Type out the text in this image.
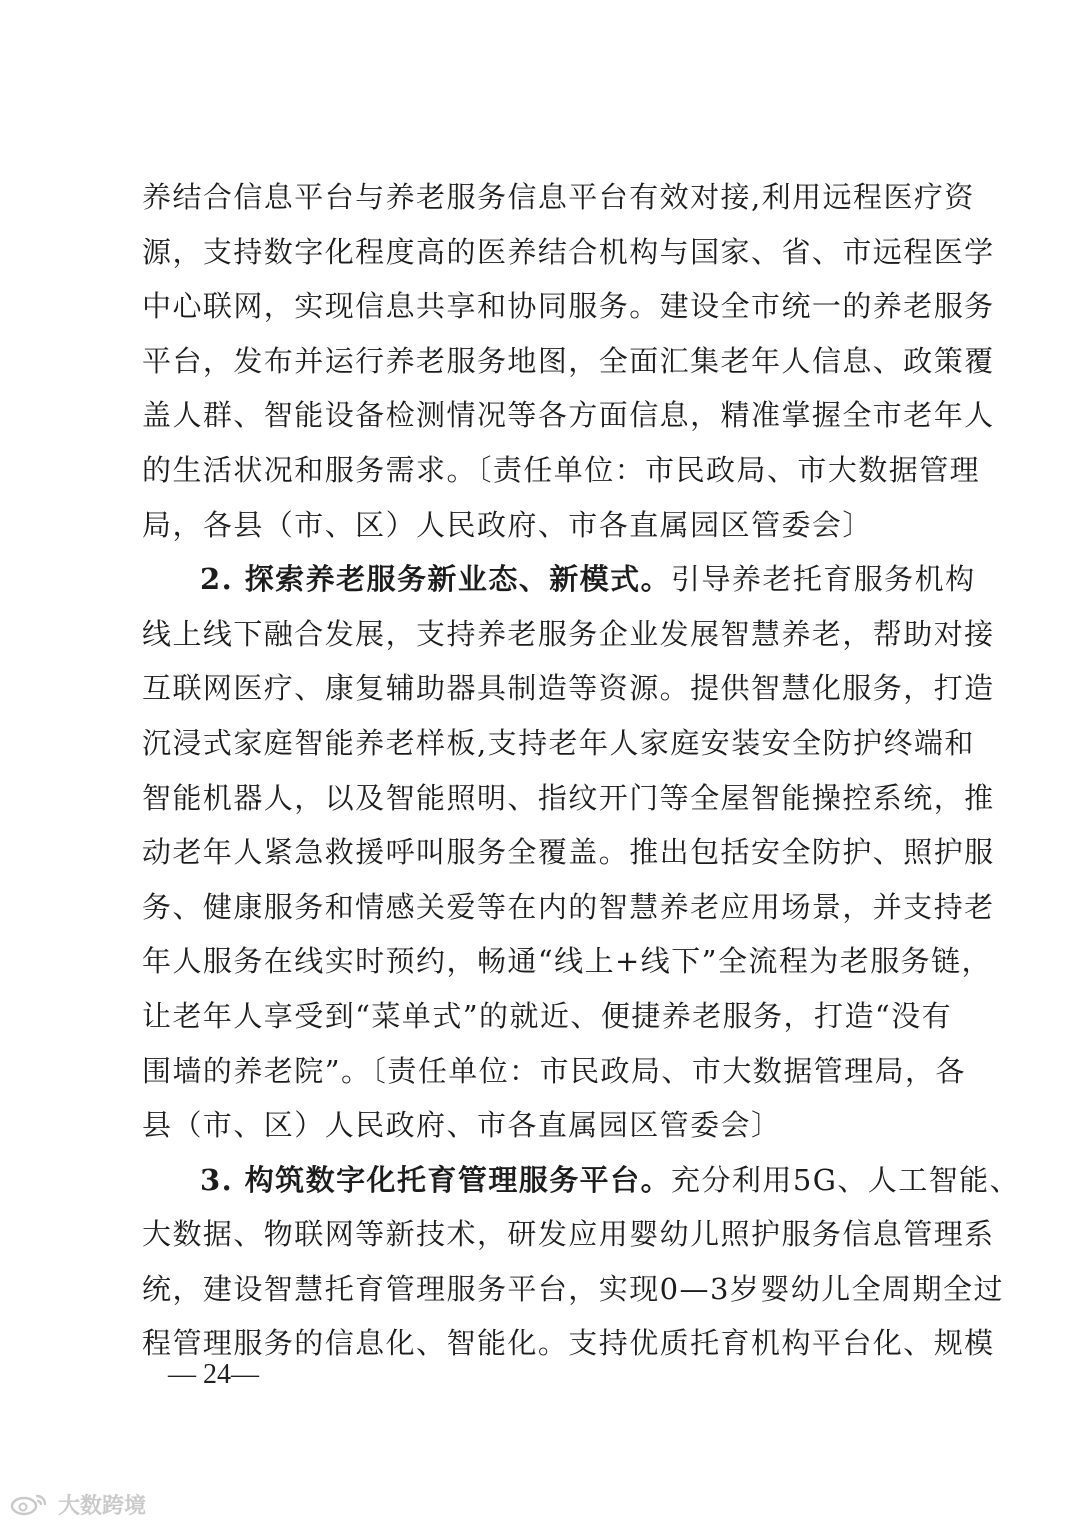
养结合信息平台与养老服务信息平台有效对接,利用远程医疗资
源，支持数字化程度高的医养结合机构与国家、省、市远程医学
中心联网，实现信息共享和协同服务。建设全市统一的养老服务
平台，发布并运行养老服务地图，全面汇集老年人信息、政策覆
盖人群、智能设备检测情况等各方面信息，精准掌握全市老年人
的生活状况和服务需求。〔责任单位：市民政局、市大数据管理
局，各县（市、区）人民政府、市各直属园区管委会〕
2. 探索养老服务新业态、新模式。引导养老托育服务机构
线上线下融合发展，支持养老服务企业发展智慧养老，帮助对接
互联网医疗、康复辅助器具制造等资源。提供智慧化服务，打造
沉浸式家庭智能养老样板,支持老年人家庭安装安全防护终端和
智能机器人，以及智能照明、指纹开门等全屋智能操控系统，推
动老年人紧急救援呼叫服务全覆盖。推出包括安全防护、照护服
务、健康服务和情感关爱等在内的智慧养老应用场景，并支持老
年人服务在线实时预约，畅通“线上+线下”全流程为老服务链，
让老年人享受到“菜单式”的就近、便捷养老服务，打造“没有
围墙的养老院”。〔责任单位：市民政局、市大数据管理局，各
县（市、区）人民政府、市各直属园区管委会〕
3. 构筑数字化托育管理服务平台。充分利用5G、人工智能、
大数据、物联网等新技术，研发应用婴幼儿照护服务信息管理系
统，建设智慧托育管理服务平台，实现0—3岁婴幼儿全周期全过
程管理服务的信息化、智能化。支持优质托育机构平台化、规模
— 24—
大数跨境
